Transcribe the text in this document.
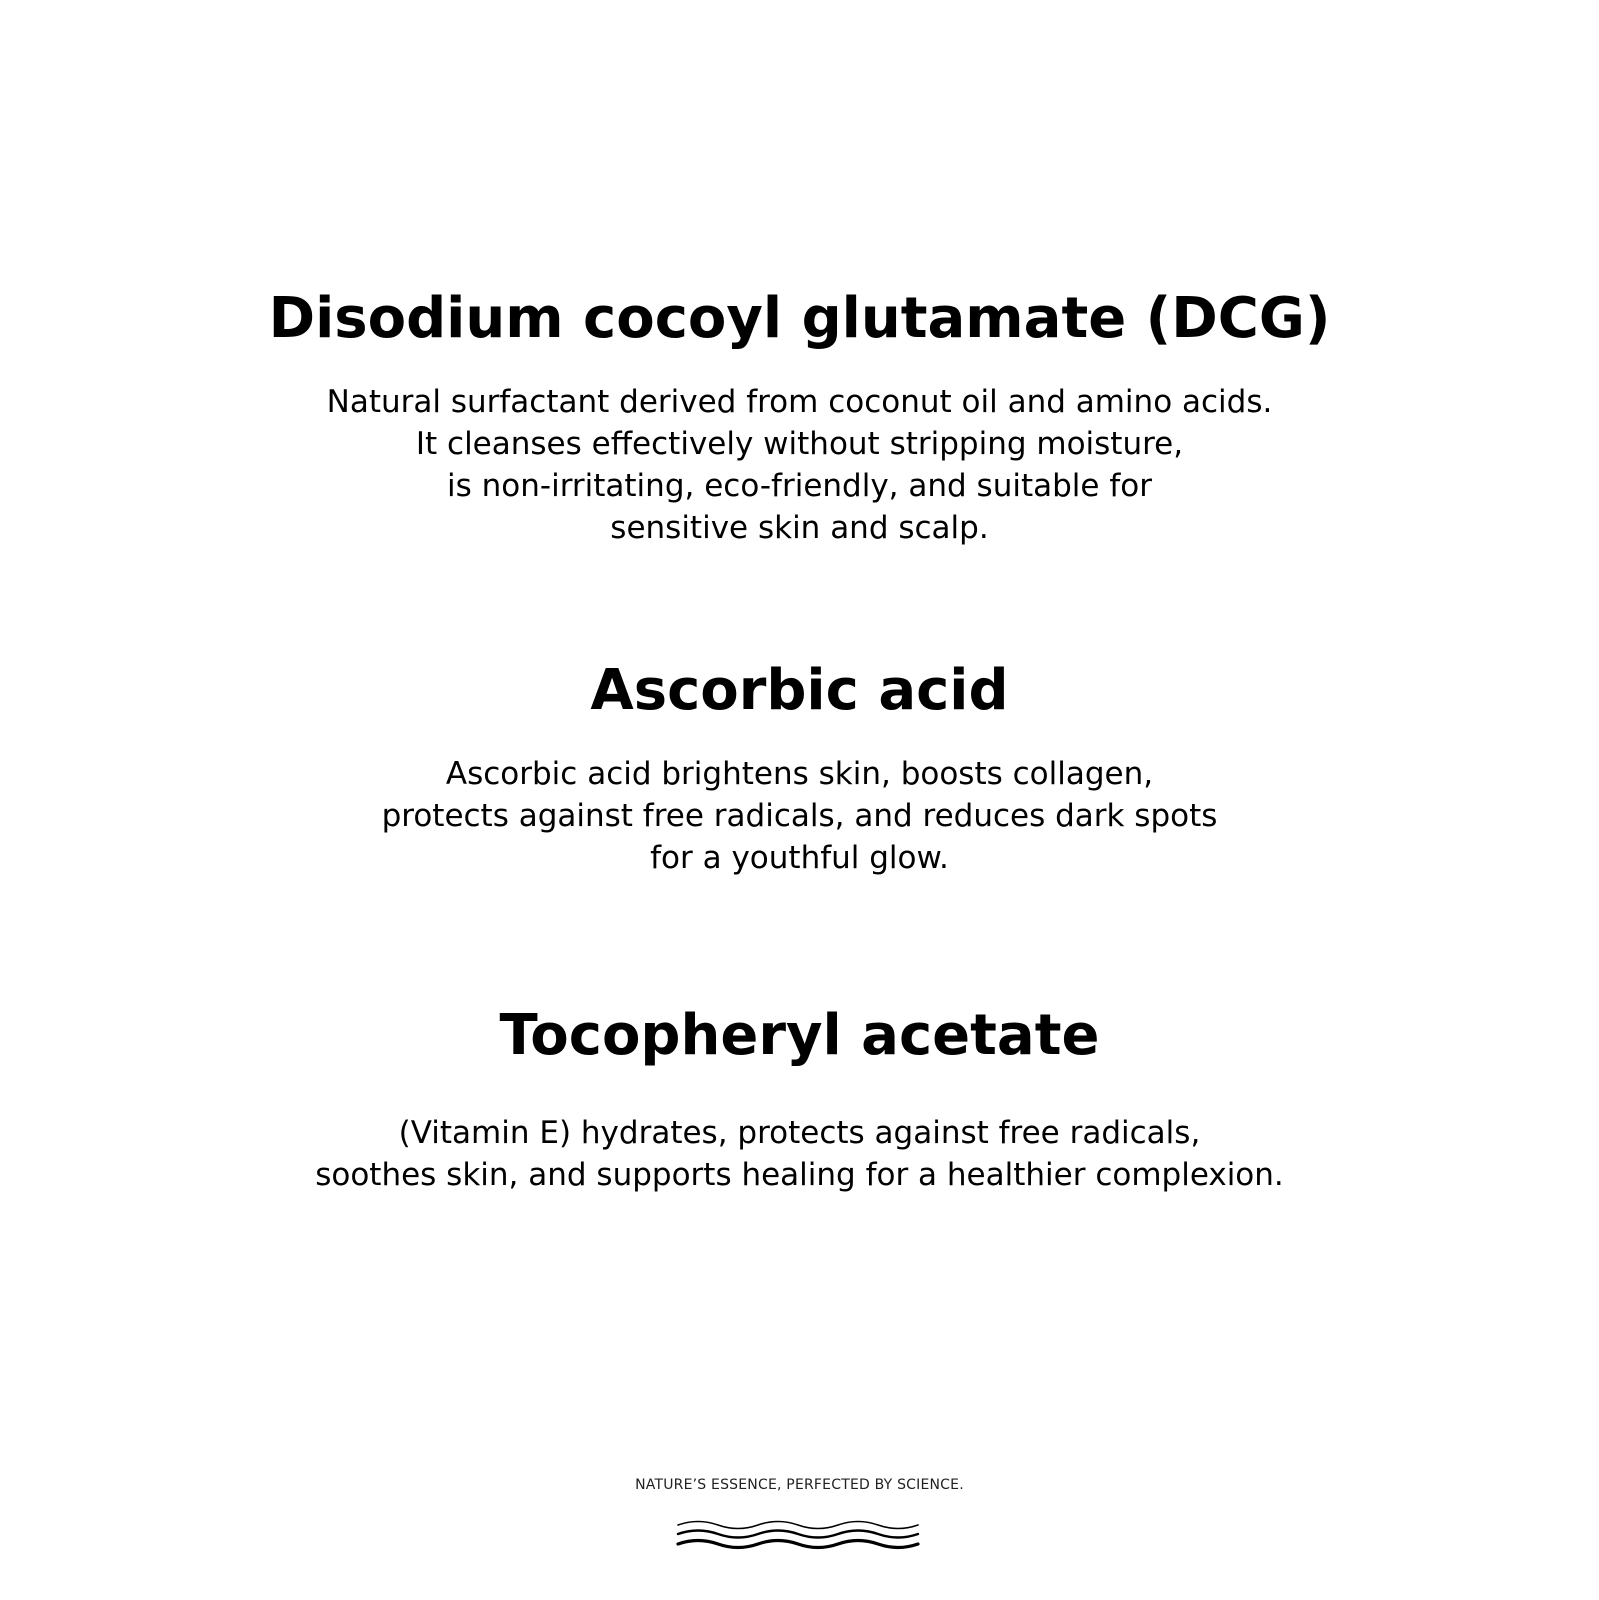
Disodium cocoyl glutamate (DCG)

Natural surfactant derived from coconut oil and amino acids.
It cleanses effectively without stripping moisture,
is non-irritating, eco-friendly, and suitable for
sensitive skin and scalp.

Ascorbic acid

Ascorbic acid brightens skin, boosts collagen,
protects against free radicals, and reduces dark spots
for a youthful glow.

Tocopheryl acetate

(Vitamin E) hydrates, protects against free radicals,
soothes skin, and supports healing for a healthier complexion.

NATURE’S ESSENCE, PERFECTED BY SCIENCE.
